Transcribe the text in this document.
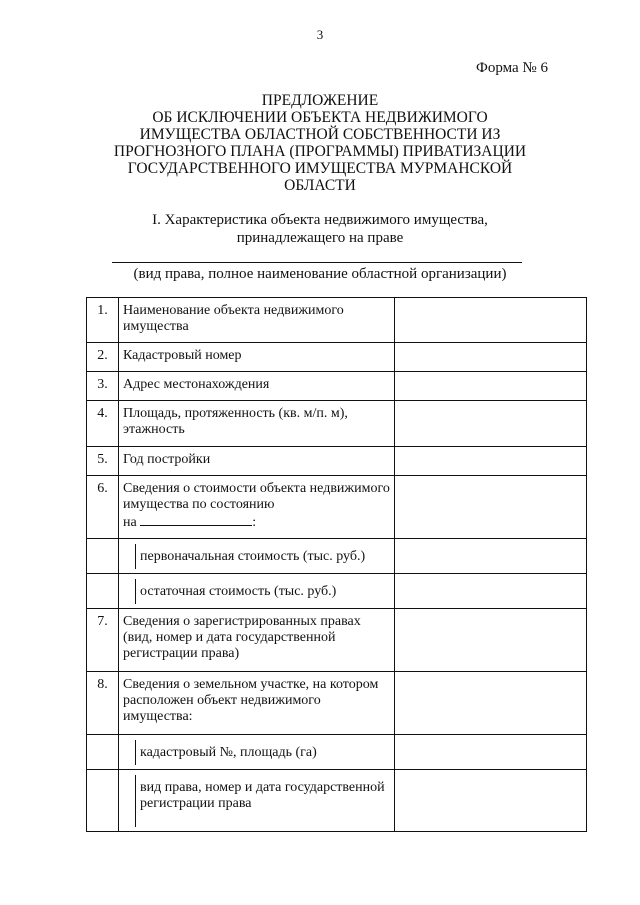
3
Форма № 6
ПРЕДЛОЖЕНИЕ
ОБ ИСКЛЮЧЕНИИ ОБЪЕКТА НЕДВИЖИМОГО
ИМУЩЕСТВА ОБЛАСТНОЙ СОБСТВЕННОСТИ ИЗ
ПРОГНОЗНОГО ПЛАНА (ПРОГРАММЫ) ПРИВАТИЗАЦИИ
ГОСУДАРСТВЕННОГО ИМУЩЕСТВА МУРМАНСКОЙ
ОБЛАСТИ
I. Характеристика объекта недвижимого имущества,
принадлежащего на праве
(вид права, полное наименование областной организации)
1.	Наименование объекта недвижимого имущества	
2.	Кадастровый номер	
3.	Адрес местонахождения	
4.	Площадь, протяженность (кв. м/п. м), этажность	
5.	Год постройки	
6.	Сведения о стоимости объекта недвижимого имущества по состоянию
на	:	

	первоначальная стоимость (тыс. руб.)

	остаточная стоимость (тыс. руб.)

7.	Сведения о зарегистрированных правах (вид, номер и дата государственной регистрации права)	
8.	Сведения о земельном участке, на котором расположен объект недвижимого имущества:	

	кадастровый №, площадь (га)

	вид права, номер и дата государственной регистрации права
